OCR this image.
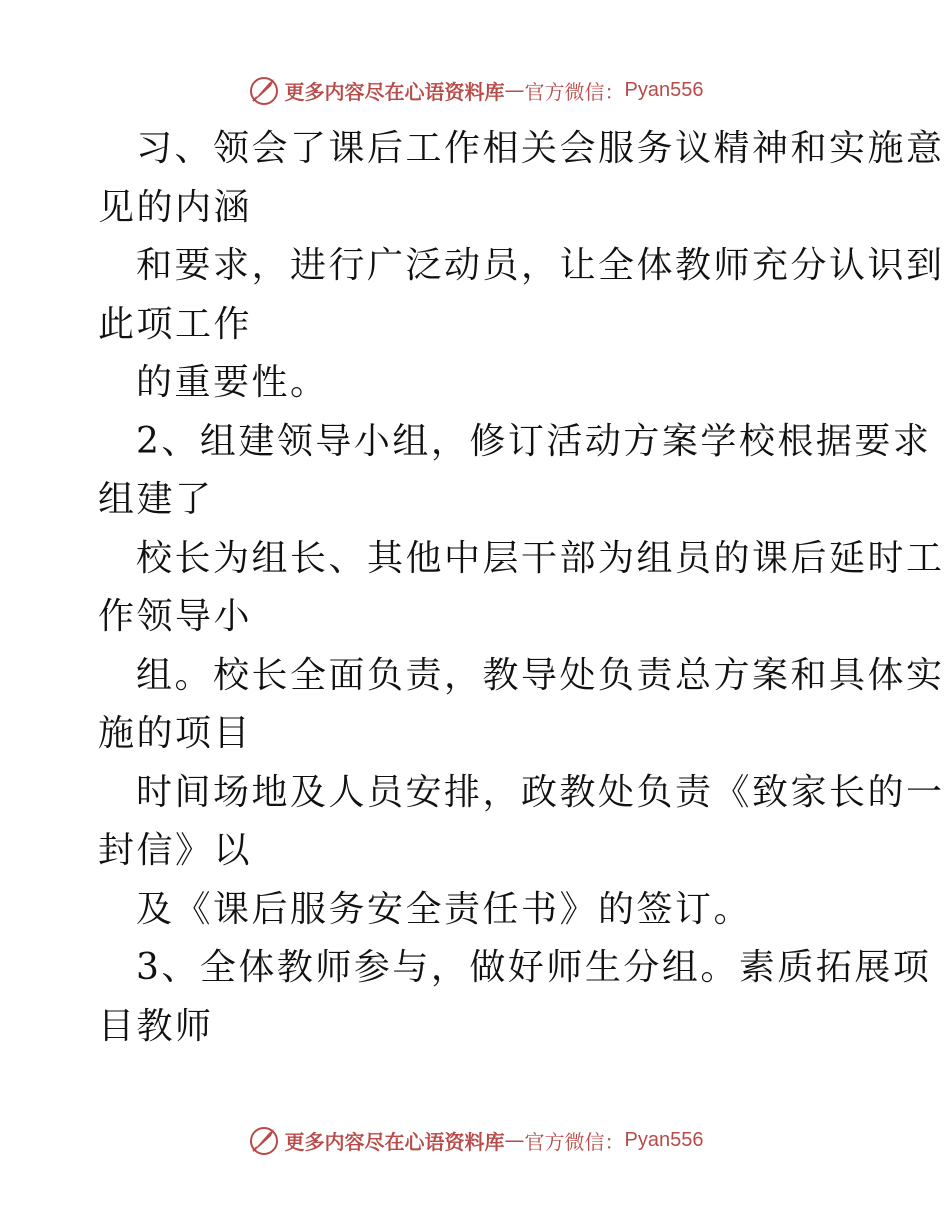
更多内容尽在心语资料库 — 官方微信： Pyan556
习、领会了课后工作相关会服务议精神和实施意
见的内涵
和要求，进行广泛动员，让全体教师充分认识到
此项工作
的重要性。
2、组建领导小组，修订活动方案学校根据要求
组建了
校长为组长、其他中层干部为组员的课后延时工
作领导小
组。校长全面负责，教导处负责总方案和具体实
施的项目
时间场地及人员安排，政教处负责《致家长的一
封信》以
及《课后服务安全责任书》的签订。
3、全体教师参与，做好师生分组。素质拓展项
目教师
更多内容尽在心语资料库 — 官方微信： Pyan556
